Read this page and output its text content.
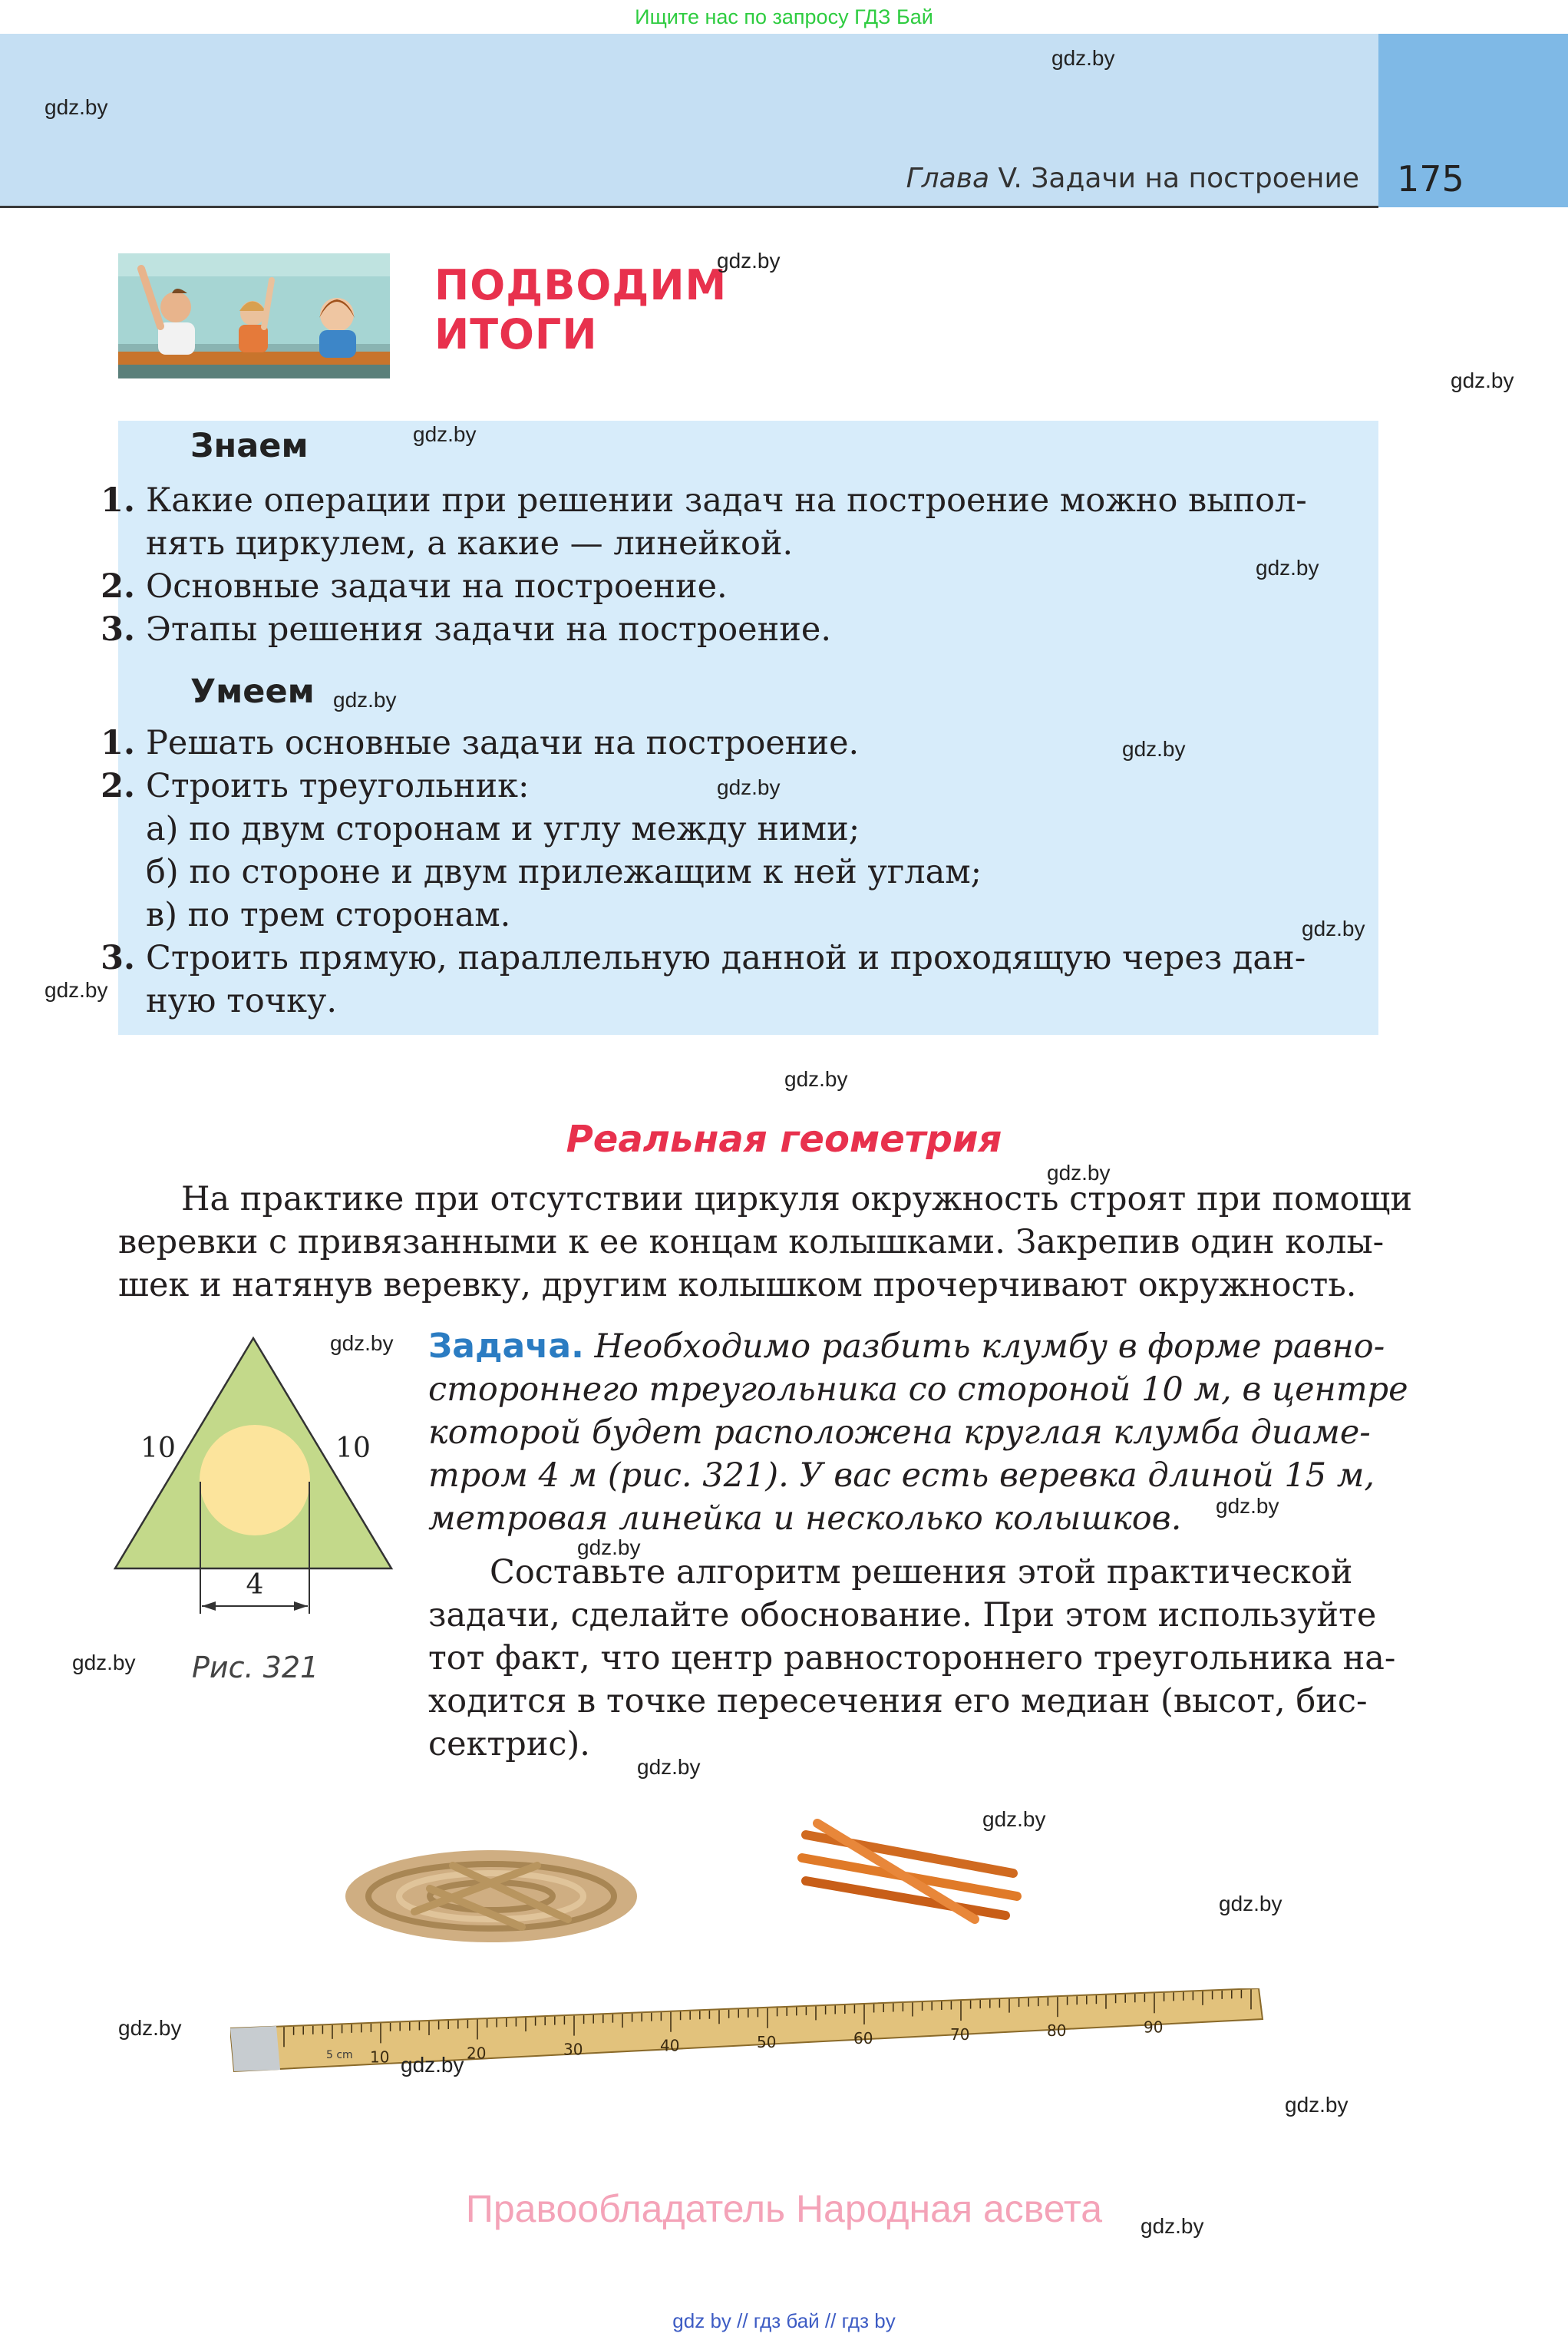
Ищите нас по запросу ГДЗ Бай
Глава V. Задачи на построение 175
ПОДВОДИМ
ИТОГИ
Знаем
1. Какие операции при решении задач на построение можно выпол-
нять циркулем, а какие — линейкой.
2. Основные задачи на построение.
3. Этапы решения задачи на построение.
Умеем
1. Решать основные задачи на построение.
2. Строить треугольник:
а) по двум сторонам и углу между ними;
б) по стороне и двум прилежащим к ней углам;
в) по трем сторонам.
3. Строить прямую, параллельную данной и проходящую через дан-
ную точку.
Реальная геометрия
На практике при отсутствии циркуля окружность строят при помощи
веревки с привязанными к ее концам колышками. Закрепив один колы-
шек и натянув веревку, другим колышком прочерчивают окружность.
10	10
4
Рис. 321
Задача. Необходимо разбить клумбу в форме равно-
стороннего треугольника со стороной 10 м, в центре
которой будет расположена круглая клумба диаме-
тром 4 м (рис. 321). У вас есть веревка длиной 15 м,
метровая линейка и несколько колышков.
Составьте алгоритм решения этой практической
задачи, сделайте обоснование. При этом используйте
тот факт, что центр равностороннего треугольника на-
ходится в точке пересечения его медиан (высот, бис-
сектрис).
10	20	30	40	50	60	70	80	90
5 cm
gdz.by
gdz.by
gdz.by
gdz.by
gdz.by
gdz.by
gdz.by
gdz.by
gdz.by
gdz.by
gdz.by
gdz.by
gdz.by
gdz.by
gdz.by
gdz.by
gdz.by
gdz.by
gdz.by
gdz.by
gdz.by
gdz.by
gdz.by
gdz.by
Правообладатель Народная асвета
gdz by // гдз бай // гдз by
